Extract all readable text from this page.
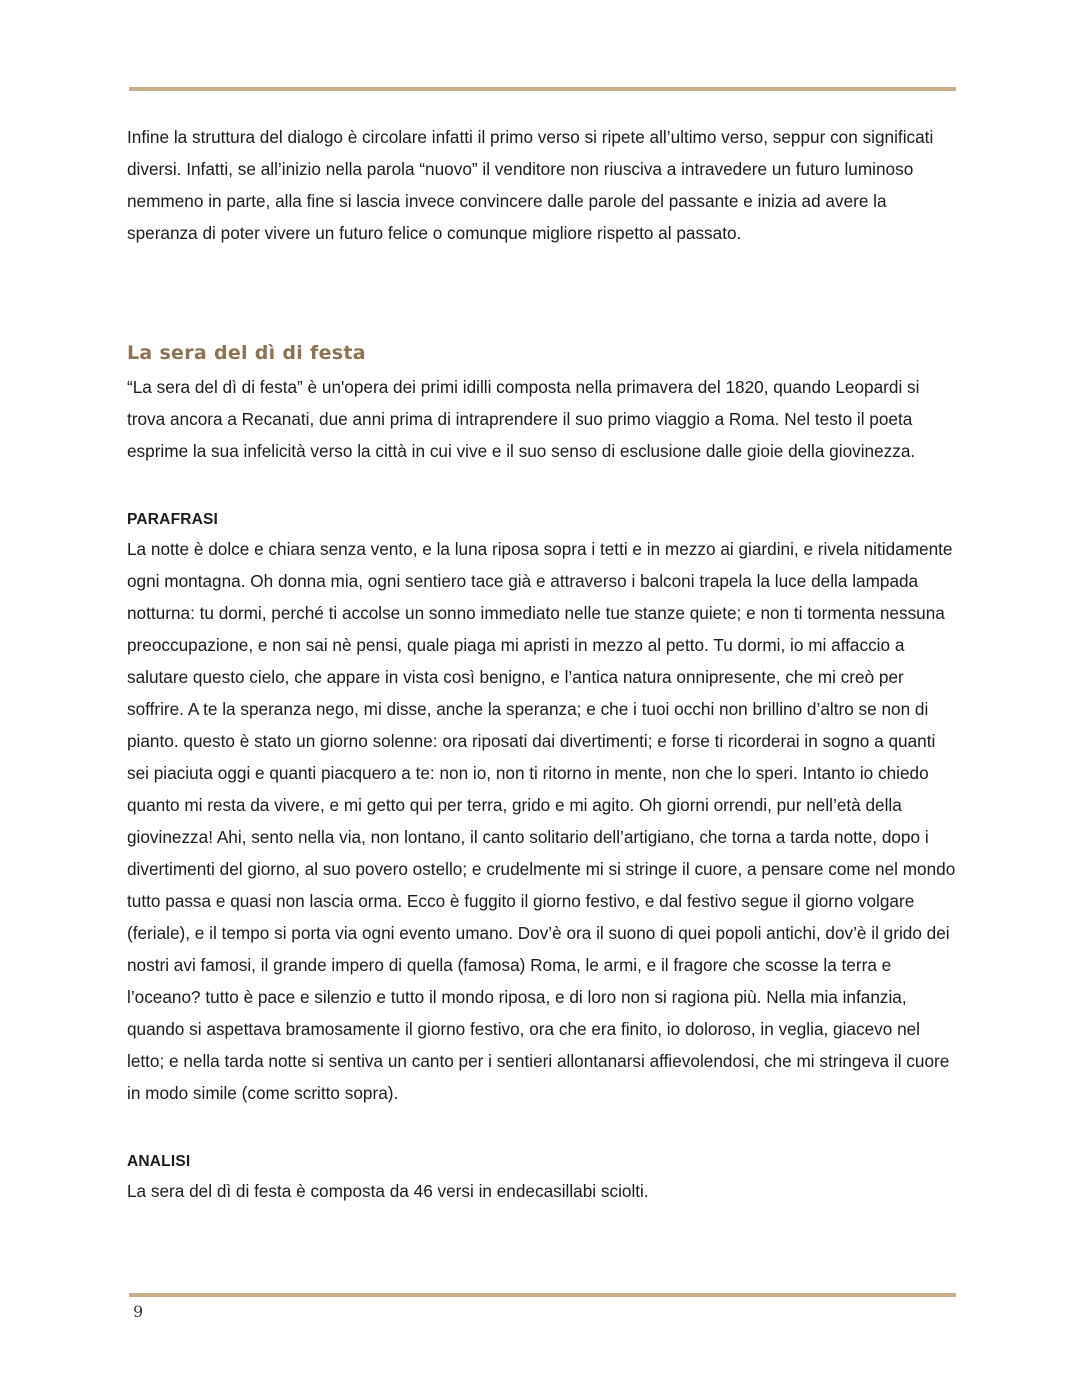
Infine la struttura del dialogo è circolare infatti il primo verso si ripete all’ultimo verso, seppur con significati diversi. Infatti, se all’inizio nella parola “nuovo” il venditore non riusciva a intravedere un futuro luminoso nemmeno in parte, alla fine si lascia invece convincere dalle parole del passante e inizia ad avere la speranza di poter vivere un futuro felice o comunque migliore rispetto al passato.

La sera del dì di festa

“La sera del dì di festa” è un'opera dei primi idilli composta nella primavera del 1820, quando Leopardi si trova ancora a Recanati, due anni prima di intraprendere il suo primo viaggio a Roma. Nel testo il poeta esprime la sua infelicità verso la città in cui vive e il suo senso di esclusione dalle gioie della giovinezza.

PARAFRASI

La notte è dolce e chiara senza vento, e la luna riposa sopra i tetti e in mezzo ai giardini, e rivela nitidamente ogni montagna. Oh donna mia, ogni sentiero tace già e attraverso i balconi trapela la luce della lampada notturna: tu dormi, perché ti accolse un sonno immediato nelle tue stanze quiete; e non ti tormenta nessuna preoccupazione, e non sai nè pensi, quale piaga mi apristi in mezzo al petto. Tu dormi, io mi affaccio a salutare questo cielo, che appare in vista così benigno, e l’antica natura onnipresente, che mi creò per soffrire. A te la speranza nego, mi disse, anche la speranza; e che i tuoi occhi non brillino d’altro se non di pianto. questo è stato un giorno solenne: ora riposati dai divertimenti; e forse ti ricorderai in sogno a quanti sei piaciuta oggi e quanti piacquero a te: non io, non ti ritorno in mente, non che lo speri. Intanto io chiedo quanto mi resta da vivere, e mi getto qui per terra, grido e mi agito. Oh giorni orrendi, pur nell’età della giovinezza! Ahi, sento nella via, non lontano, il canto solitario dell’artigiano, che torna a tarda notte, dopo i divertimenti del giorno, al suo povero ostello; e crudelmente mi si stringe il cuore, a pensare come nel mondo tutto passa e quasi non lascia orma. Ecco è fuggito il giorno festivo, e dal festivo segue il giorno volgare (feriale), e il tempo si porta via ogni evento umano. Dov’è ora il suono di quei popoli antichi, dov’è il grido dei nostri avi famosi, il grande impero di quella (famosa) Roma, le armi, e il fragore che scosse la terra e l’oceano? tutto è pace e silenzio e tutto il mondo riposa, e di loro non si ragiona più. Nella mia infanzia, quando si aspettava bramosamente il giorno festivo, ora che era finito, io doloroso, in veglia, giacevo nel letto; e nella tarda notte si sentiva un canto per i sentieri allontanarsi affievolendosi, che mi stringeva il cuore in modo simile (come scritto sopra).

ANALISI

La sera del dì di festa è composta da 46 versi in endecasillabi sciolti.

9
